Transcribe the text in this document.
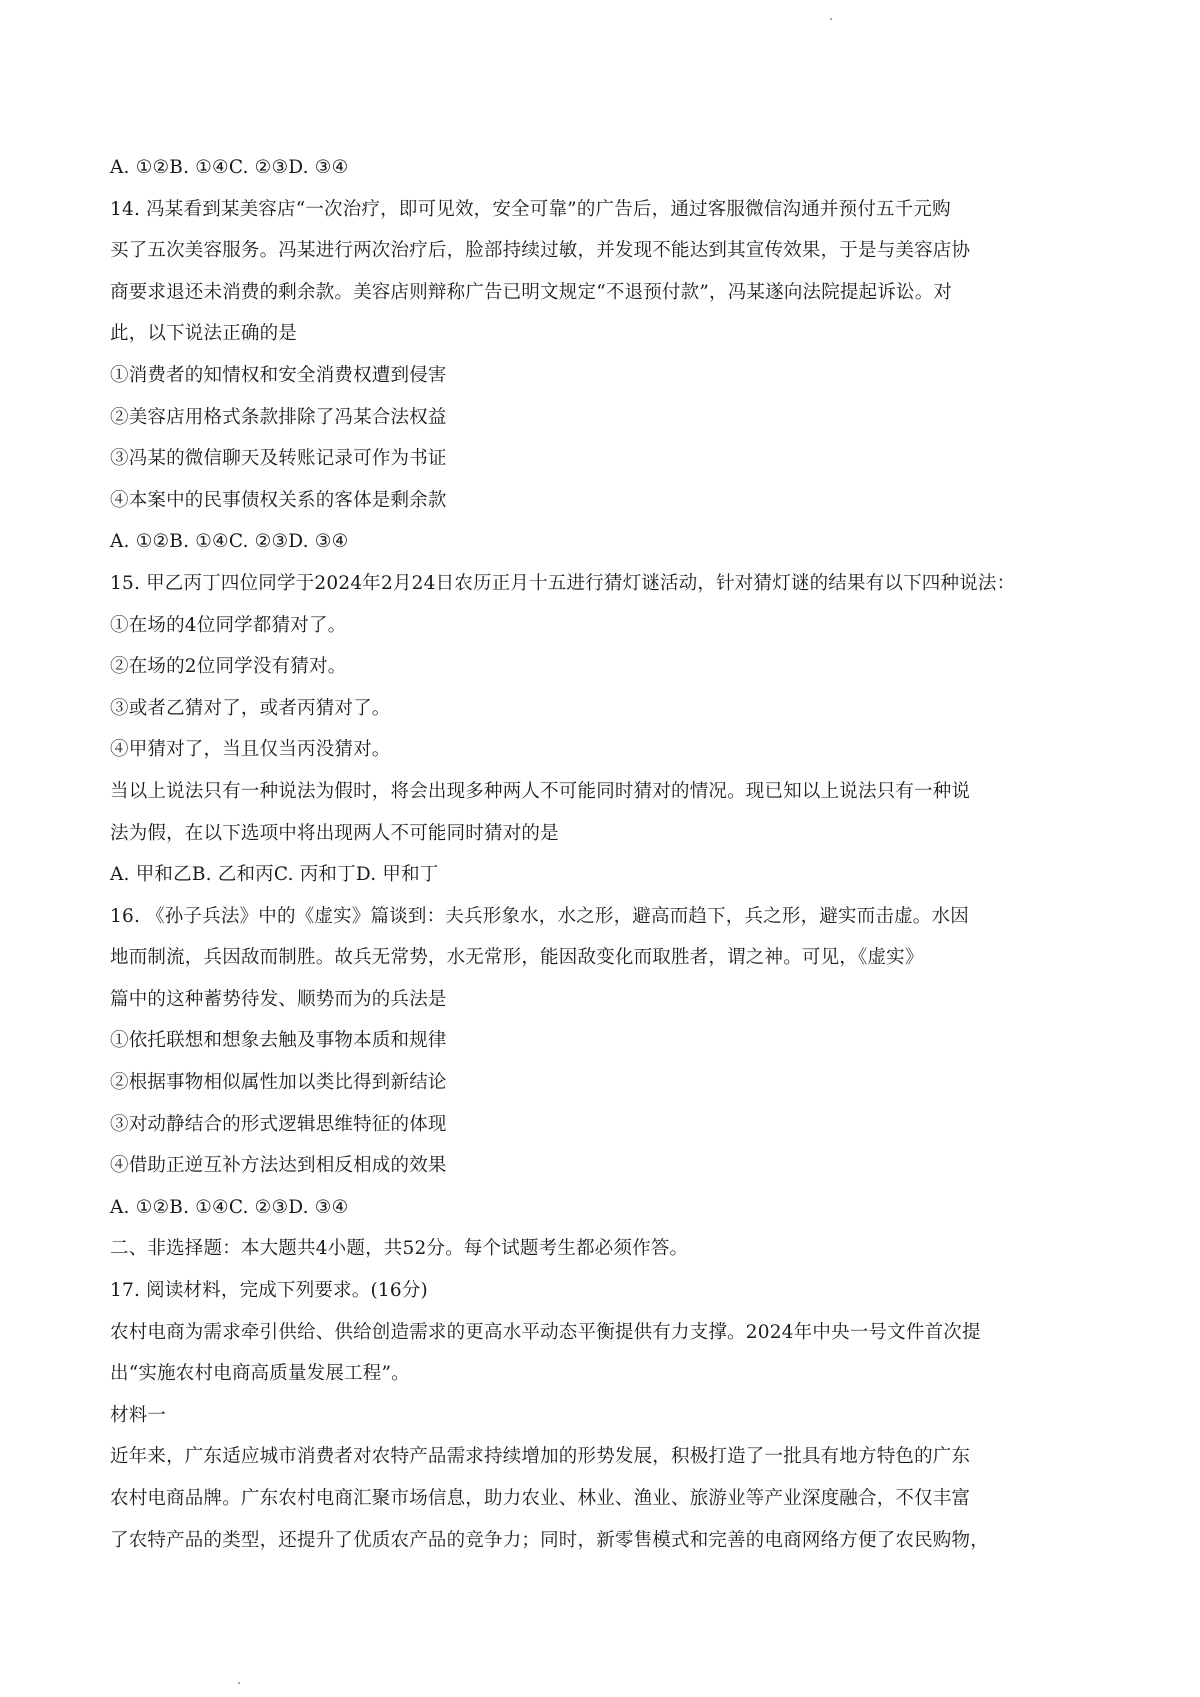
A. ①②B. ①④C. ②③D. ③④
14. 冯某看到某美容店“一次治疗，即可见效，安全可靠”的广告后，通过客服微信沟通并预付五千元购
买了五次美容服务。冯某进行两次治疗后，脸部持续过敏，并发现不能达到其宣传效果，于是与美容店协
商要求退还未消费的剩余款。美容店则辩称广告已明文规定“不退预付款”，冯某遂向法院提起诉讼。对
此，以下说法正确的是
①消费者的知情权和安全消费权遭到侵害
②美容店用格式条款排除了冯某合法权益
③冯某的微信聊天及转账记录可作为书证
④本案中的民事债权关系的客体是剩余款
A. ①②B. ①④C. ②③D. ③④
15. 甲乙丙丁四位同学于2024年2月24日农历正月十五进行猜灯谜活动，针对猜灯谜的结果有以下四种说法：
①在场的4位同学都猜对了。
②在场的2位同学没有猜对。
③或者乙猜对了，或者丙猜对了。
④甲猜对了，当且仅当丙没猜对。
当以上说法只有一种说法为假时，将会出现多种两人不可能同时猜对的情况。现已知以上说法只有一种说
法为假，在以下选项中将出现两人不可能同时猜对的是
A. 甲和乙B. 乙和丙C. 丙和丁D. 甲和丁
16. 《孙子兵法》中的《虚实》篇谈到：夫兵形象水，水之形，避高而趋下，兵之形，避实而击虚。水因
地而制流，兵因敌而制胜。故兵无常势，水无常形，能因敌变化而取胜者，谓之神。可见，《虚实》
篇中的这种蓄势待发、顺势而为的兵法是
①依托联想和想象去触及事物本质和规律
②根据事物相似属性加以类比得到新结论
③对动静结合的形式逻辑思维特征的体现
④借助正逆互补方法达到相反相成的效果
A. ①②B. ①④C. ②③D. ③④
二、非选择题：本大题共4小题，共52分。每个试题考生都必须作答。
17. 阅读材料，完成下列要求。(16分)
农村电商为需求牵引供给、供给创造需求的更高水平动态平衡提供有力支撑。2024年中央一号文件首次提
出“实施农村电商高质量发展工程”。
材料一
近年来，广东适应城市消费者对农特产品需求持续增加的形势发展，积极打造了一批具有地方特色的广东
农村电商品牌。广东农村电商汇聚市场信息，助力农业、林业、渔业、旅游业等产业深度融合，不仅丰富
了农特产品的类型，还提升了优质农产品的竞争力；同时，新零售模式和完善的电商网络方便了农民购物，
